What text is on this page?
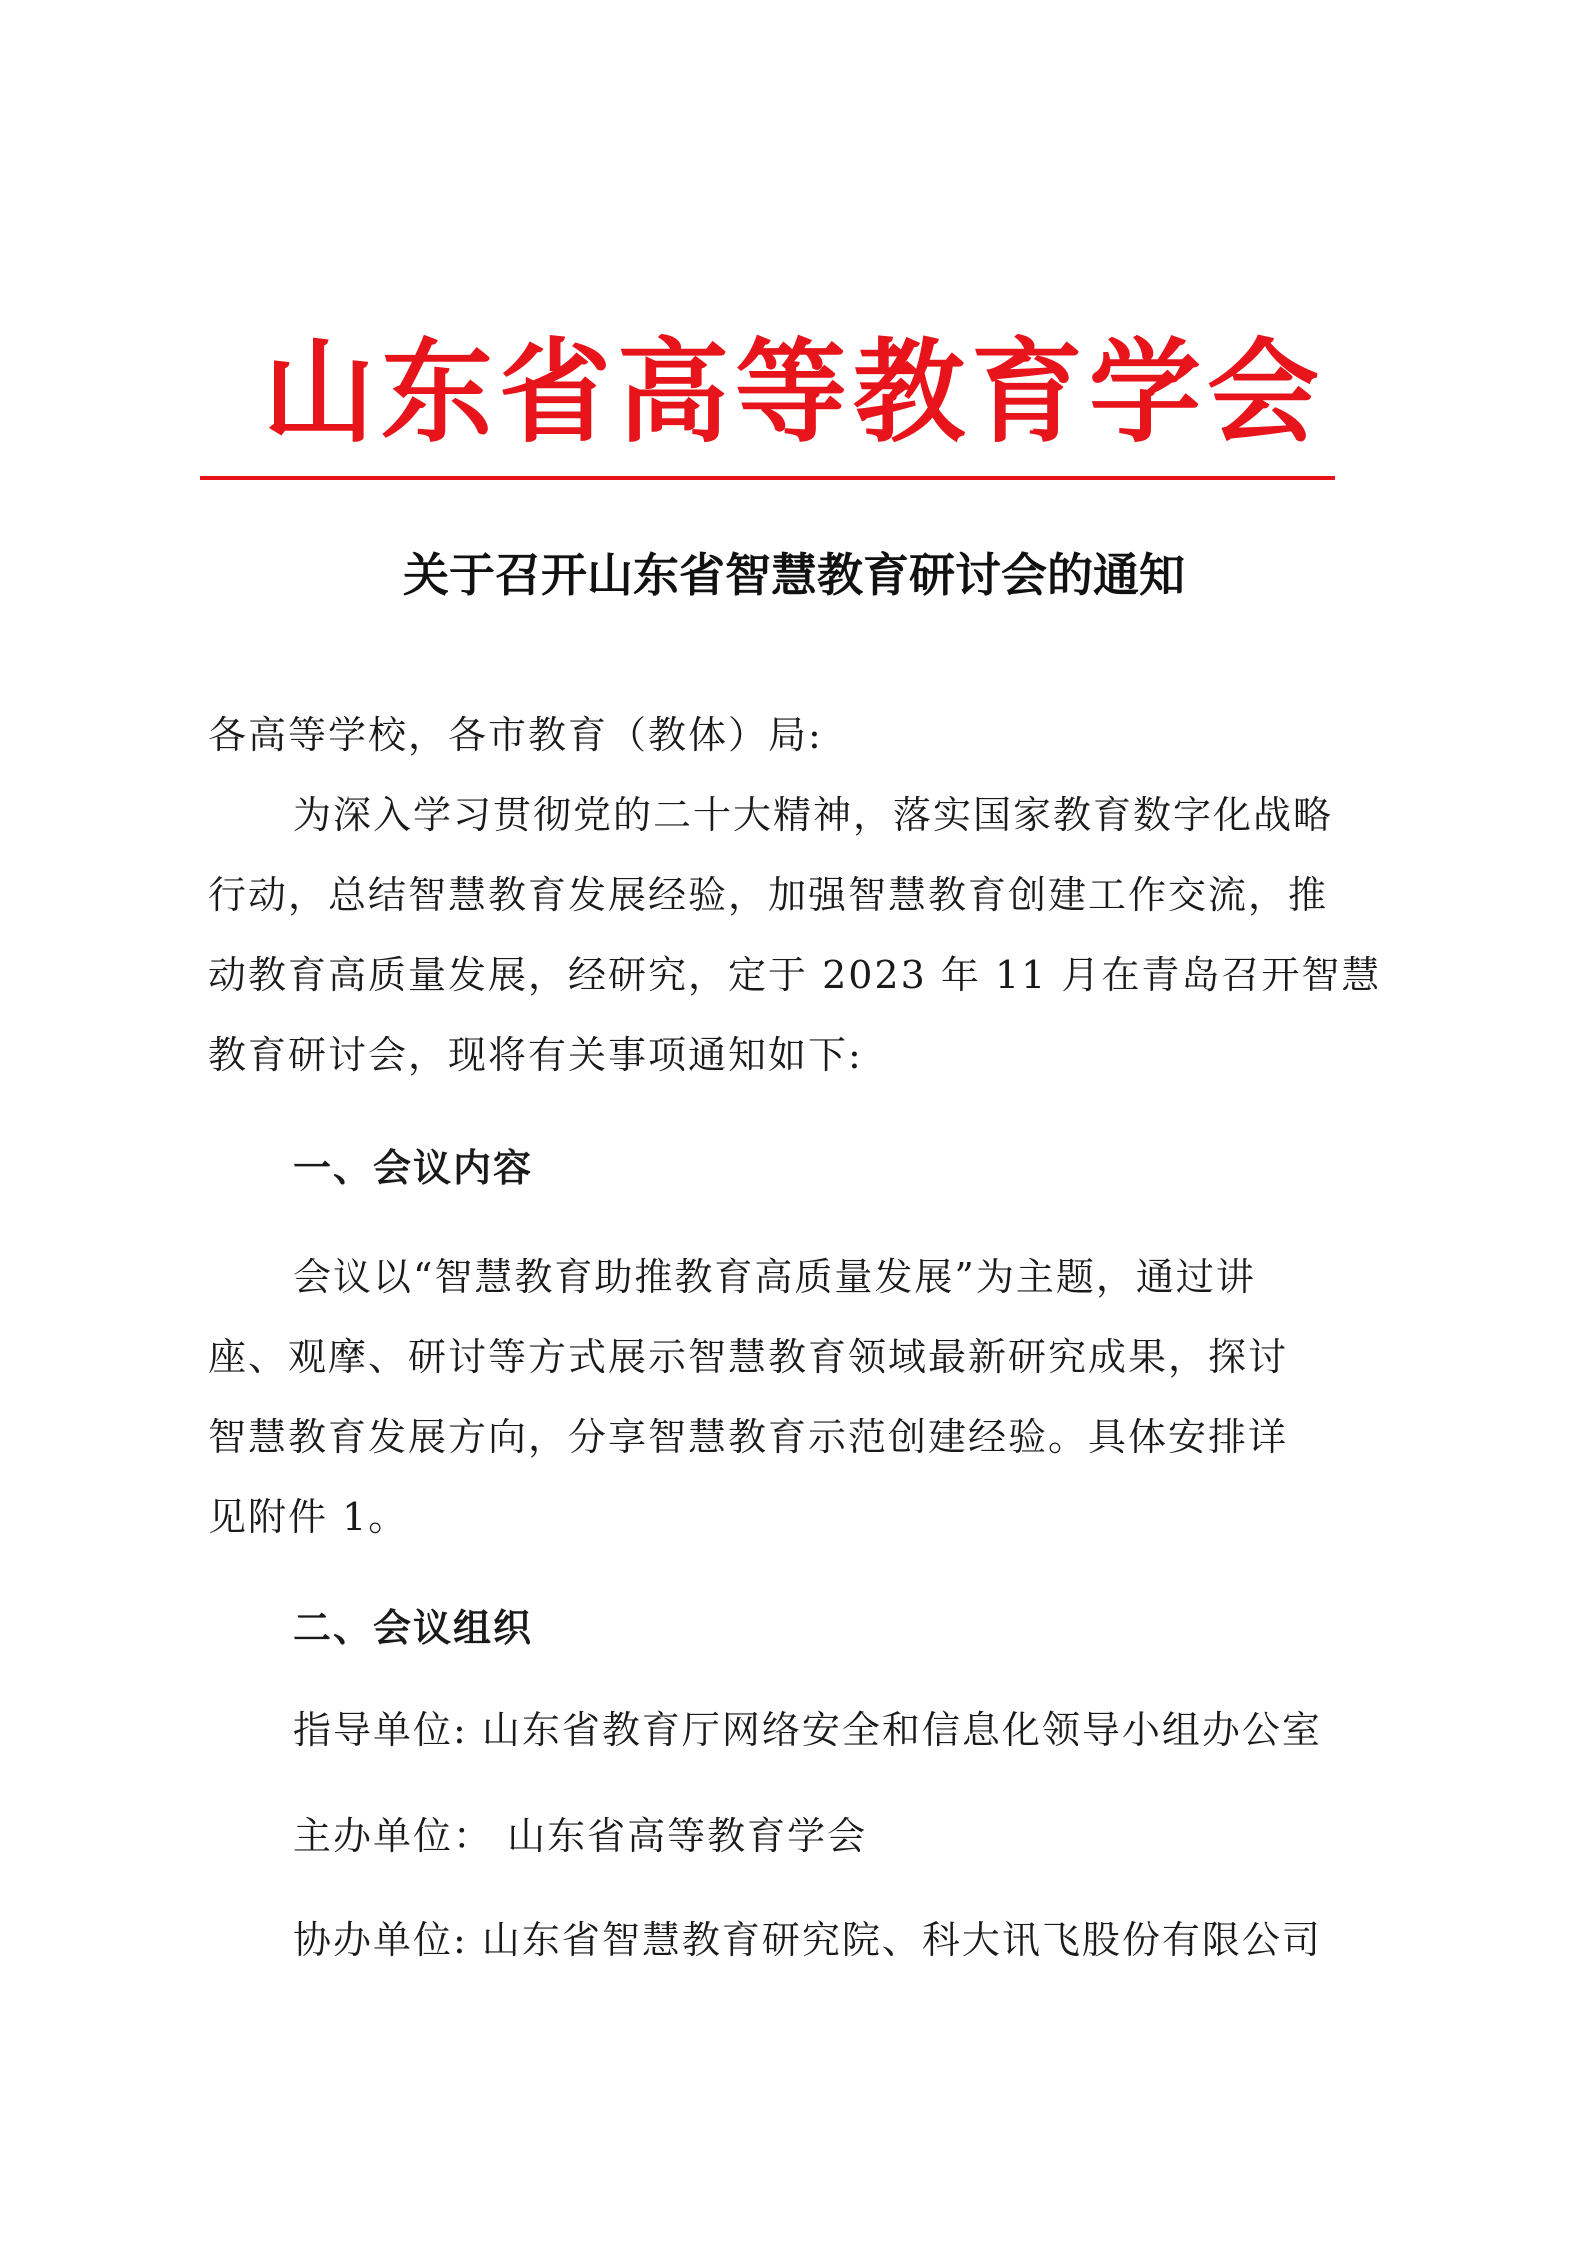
山东省高等教育学会
关于召开山东省智慧教育研讨会的通知
各高等学校，各市教育（教体）局:
为深入学习贯彻党的二十大精神，落实国家教育数字化战略
行动，总结智慧教育发展经验，加强智慧教育创建工作交流，推
动教育高质量发展，经研究，定于 2023 年 11 月在青岛召开智慧
教育研讨会，现将有关事项通知如下:
一、会议内容
会议以“智慧教育助推教育高质量发展”为主题，通过讲
座、观摩、研讨等方式展示智慧教育领域最新研究成果，探讨
智慧教育发展方向，分享智慧教育示范创建经验。具体安排详
见附件 1。
二、会议组织
指导单位: 山东省教育厅网络安全和信息化领导小组办公室
主办单位： 山东省高等教育学会
协办单位: 山东省智慧教育研究院、科大讯飞股份有限公司
